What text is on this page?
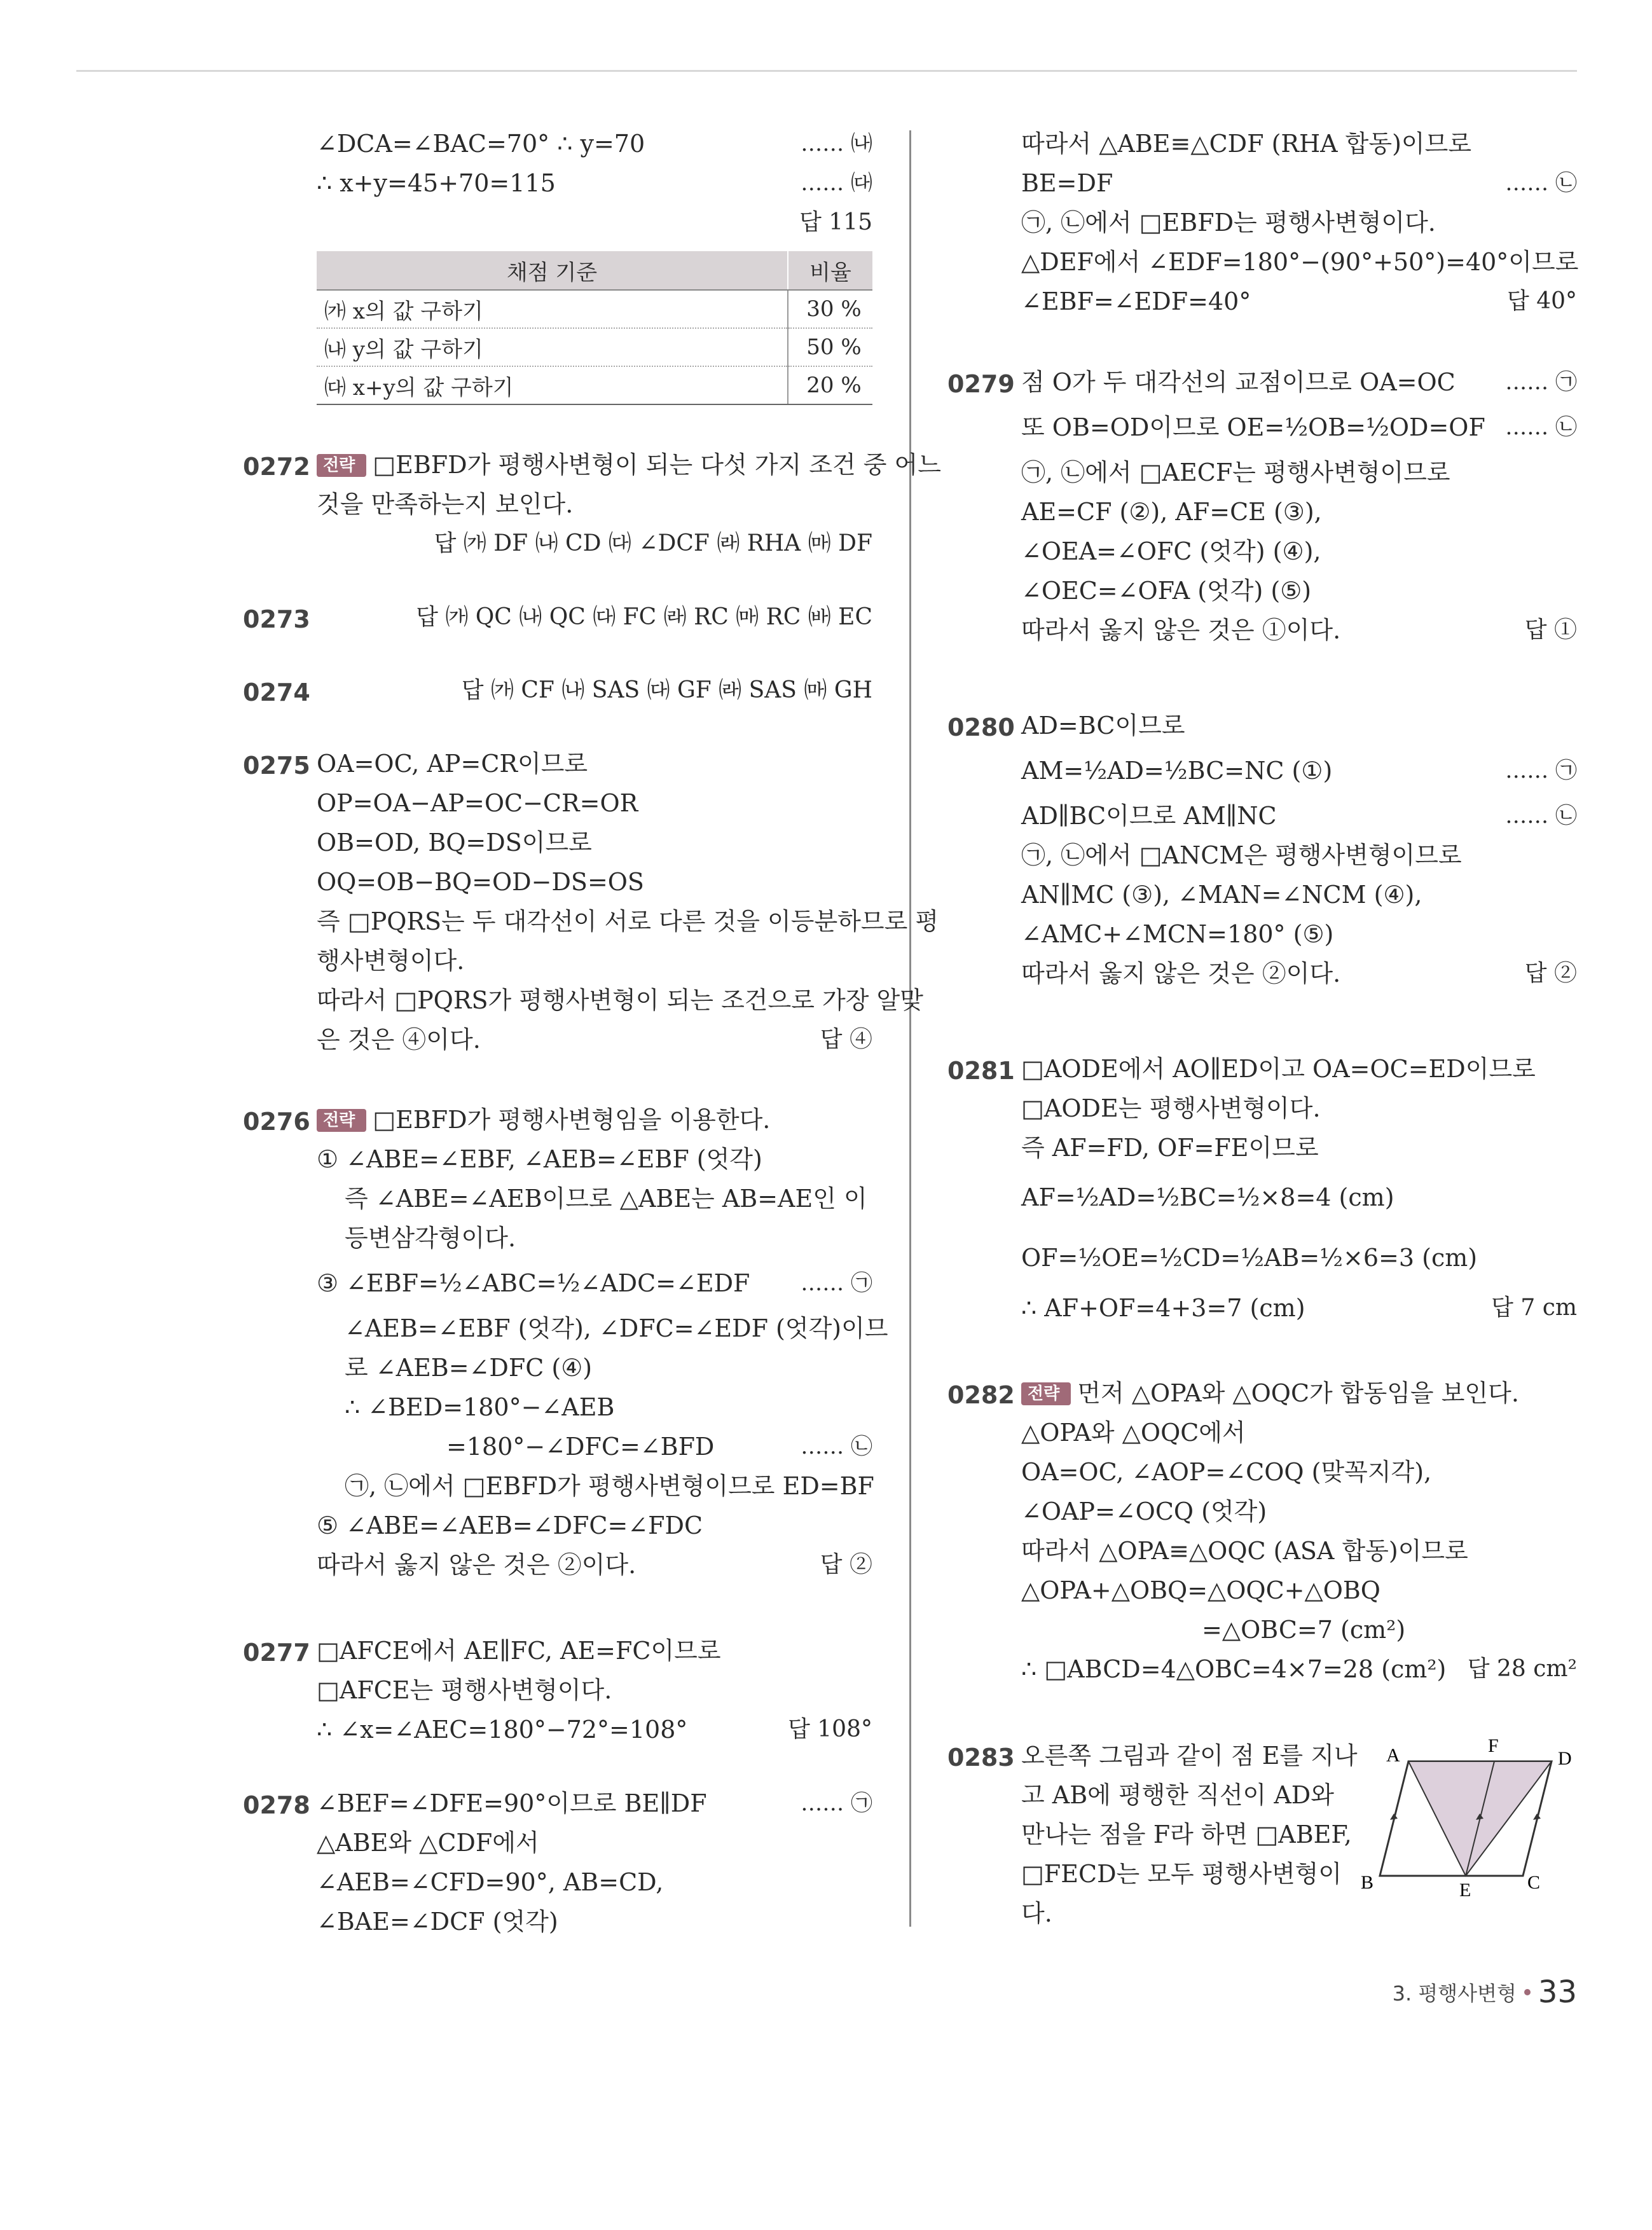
∠DCA=∠BAC=70° ∴ y=70	…… ㈏
∴ x+y=45+70=115	…… ㈐
답 115
채점 기준	비율
㈎ x의 값 구하기	30 %
㈏ y의 값 구하기	50 %
㈐ x+y의 값 구하기	20 %
0272 전략 □EBFD가 평행사변형이 되는 다섯 가지 조건 중 어느
것을 만족하는지 보인다.
답 ㈎ DF ㈏ CD ㈐ ∠DCF ㈑ RHA ㈒ DF
0273	답 ㈎ QC ㈏ QC ㈐ FC ㈑ RC ㈒ RC ㈓ EC
0274	답 ㈎ CF ㈏ SAS ㈐ GF ㈑ SAS ㈒ GH
0275 OA=OC, AP=CR이므로
OP=OA−AP=OC−CR=OR
OB=OD, BQ=DS이므로
OQ=OB−BQ=OD−DS=OS
즉 □PQRS는 두 대각선이 서로 다른 것을 이등분하므로 평
행사변형이다.
따라서 □PQRS가 평행사변형이 되는 조건으로 가장 알맞
은 것은 ④이다.	답 ④
0276 전략 □EBFD가 평행사변형임을 이용한다.
① ∠ABE=∠EBF, ∠AEB=∠EBF (엇각)
즉 ∠ABE=∠AEB이므로 △ABE는 AB=AE인 이
등변삼각형이다.
③ ∠EBF=½∠ABC=½∠ADC=∠EDF …… ㉠
∠AEB=∠EBF (엇각), ∠DFC=∠EDF (엇각)이므
로 ∠AEB=∠DFC (④)
∴ ∠BED=180°−∠AEB
=180°−∠DFC=∠BFD	…… ㉡
㉠, ㉡에서 □EBFD가 평행사변형이므로 ED=BF
⑤ ∠ABE=∠AEB=∠DFC=∠FDC
따라서 옳지 않은 것은 ②이다.	답 ②
0277 □AFCE에서 AE∥FC, AE=FC이므로
□AFCE는 평행사변형이다.
∴ ∠x=∠AEC=180°−72°=108°	답 108°
0278 ∠BEF=∠DFE=90°이므로 BE∥DF	…… ㉠
△ABE와 △CDF에서
∠AEB=∠CFD=90°, AB=CD,
∠BAE=∠DCF (엇각)
따라서 △ABE≡△CDF (RHA 합동)이므로
BE=DF	…… ㉡
㉠, ㉡에서 □EBFD는 평행사변형이다.
△DEF에서 ∠EDF=180°−(90°+50°)=40°이므로
∠EBF=∠EDF=40°	답 40°
0279 점 O가 두 대각선의 교점이므로 OA=OC …… ㉠
또 OB=OD이므로 OE=½OB=½OD=OF …… ㉡
㉠, ㉡에서 □AECF는 평행사변형이므로
AE=CF (②), AF=CE (③),
∠OEA=∠OFC (엇각) (④),
∠OEC=∠OFA (엇각) (⑤)
따라서 옳지 않은 것은 ①이다.	답 ①
0280 AD=BC이므로
AM=½AD=½BC=NC (①)	…… ㉠
AD∥BC이므로 AM∥NC	…… ㉡
㉠, ㉡에서 □ANCM은 평행사변형이므로
AN∥MC (③), ∠MAN=∠NCM (④),
∠AMC+∠MCN=180° (⑤)
따라서 옳지 않은 것은 ②이다.	답 ②
0281 □AODE에서 AO∥ED이고 OA=OC=ED이므로
□AODE는 평행사변형이다.
즉 AF=FD, OF=FE이므로
AF=½AD=½BC=½×8=4 (cm)
OF=½OE=½CD=½AB=½×6=3 (cm)
∴ AF+OF=4+3=7 (cm)	답 7 cm
0282 전략 먼저 △OPA와 △OQC가 합동임을 보인다.
△OPA와 △OQC에서
OA=OC, ∠AOP=∠COQ (맞꼭지각),
∠OAP=∠OCQ (엇각)
따라서 △OPA≡△OQC (ASA 합동)이므로
△OPA+△OBQ=△OQC+△OBQ
=△OBC=7 (cm²)
∴ □ABCD=4△OBC=4×7=28 (cm²) 답 28 cm²
0283 오른쪽 그림과 같이 점 E를 지나
고 AB에 평행한 직선이 AD와
만나는 점을 F라 하면 □ABEF,
□FECD는 모두 평행사변형이
다.
A	F
D
B	E	C
3. 평행사변형 33
